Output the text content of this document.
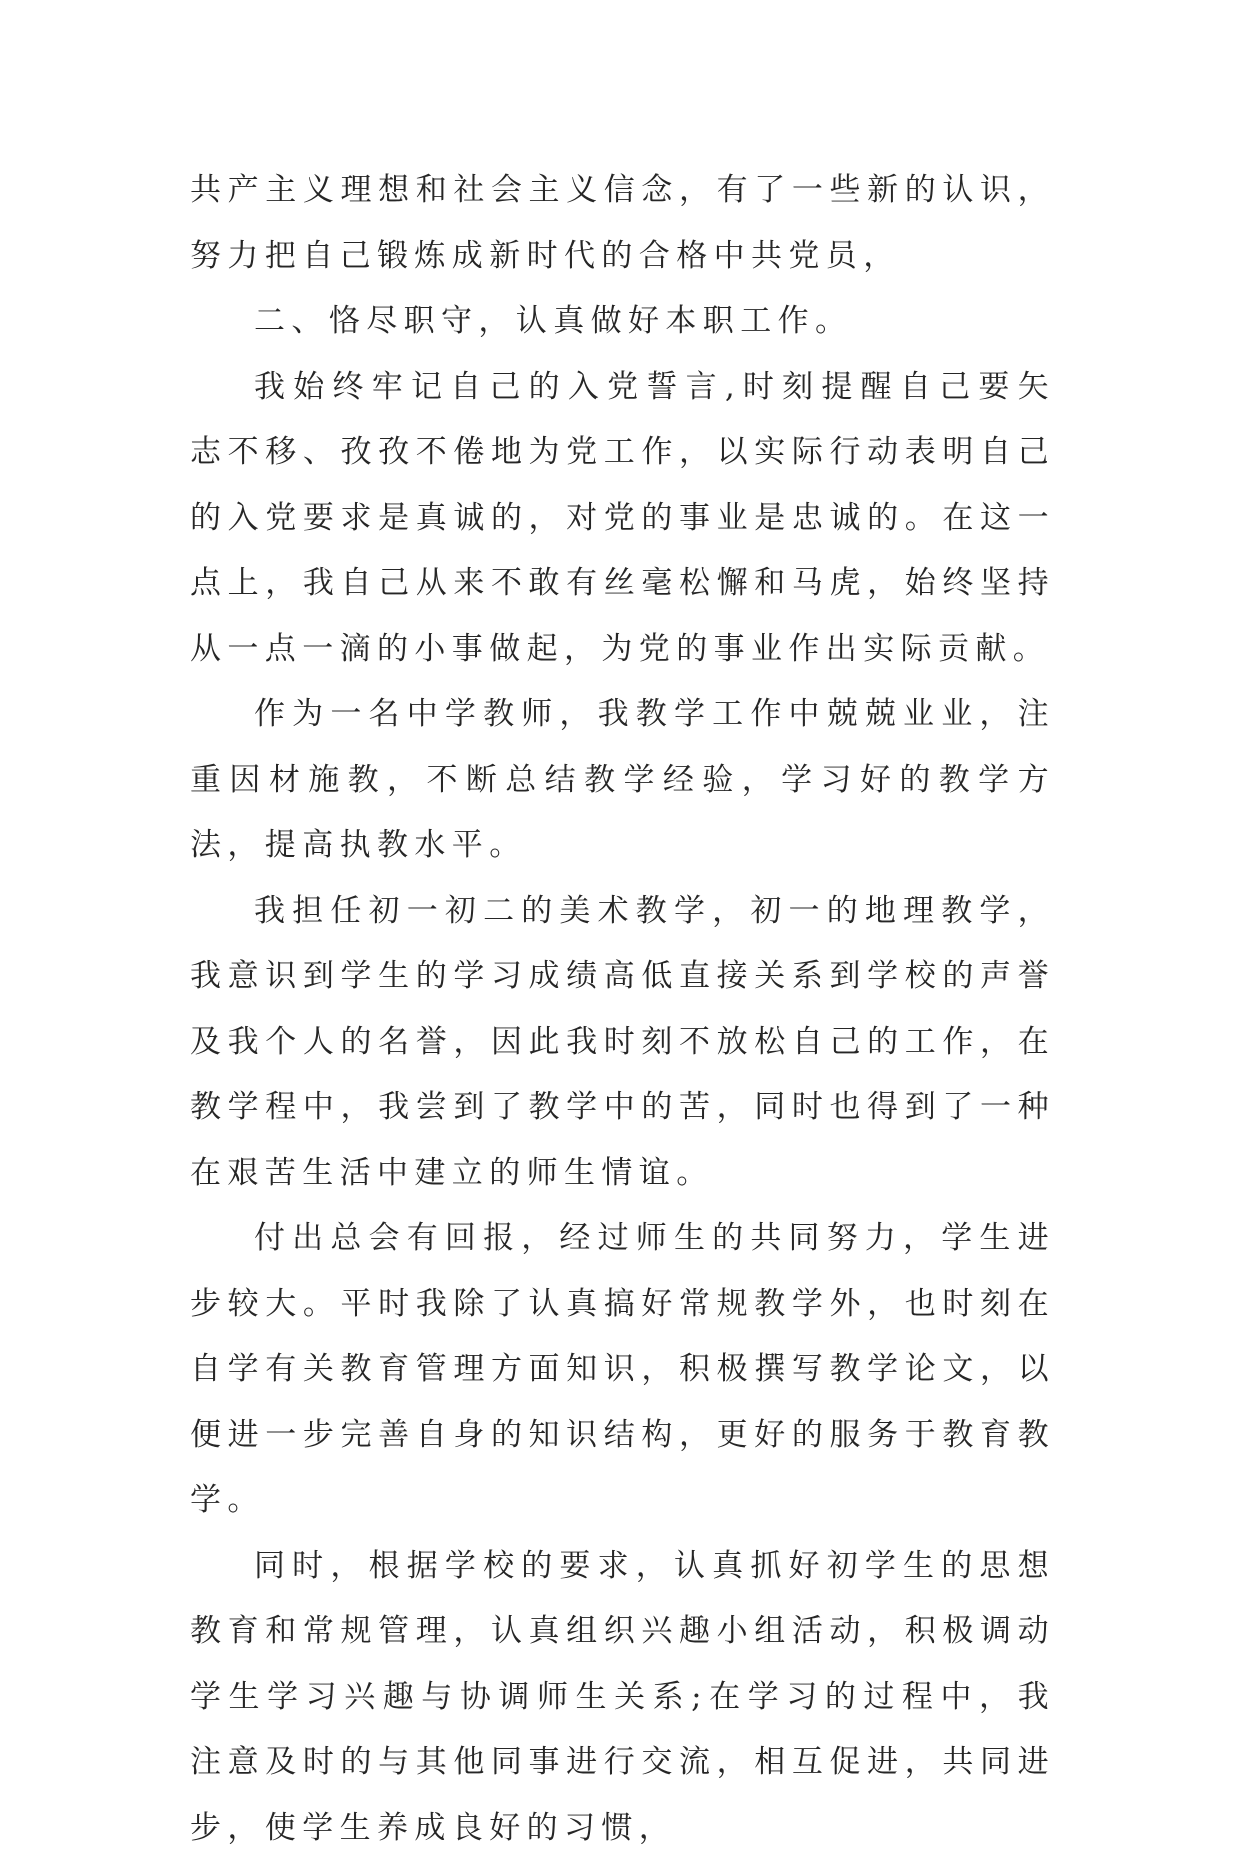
共产主义理想和社会主义信念，有了一些新的认识，努力把自己锻炼成新时代的合格中共党员，

二、恪尽职守，认真做好本职工作。

我始终牢记自己的入党誓言,时刻提醒自己要矢志不移、孜孜不倦地为党工作，以实际行动表明自己的入党要求是真诚的，对党的事业是忠诚的。在这一点上，我自己从来不敢有丝毫松懈和马虎，始终坚持从一点一滴的小事做起，为党的事业作出实际贡献。

作为一名中学教师，我教学工作中兢兢业业，注重因材施教，不断总结教学经验，学习好的教学方法，提高执教水平。

我担任初一初二的美术教学，初一的地理教学，我意识到学生的学习成绩高低直接关系到学校的声誉及我个人的名誉，因此我时刻不放松自己的工作，在教学程中，我尝到了教学中的苦，同时也得到了一种在艰苦生活中建立的师生情谊。

付出总会有回报，经过师生的共同努力，学生进步较大。平时我除了认真搞好常规教学外，也时刻在自学有关教育管理方面知识，积极撰写教学论文，以便进一步完善自身的知识结构，更好的服务于教育教学。

同时，根据学校的要求，认真抓好初学生的思想教育和常规管理，认真组织兴趣小组活动，积极调动学生学习兴趣与协调师生关系;在学习的过程中，我注意及时的与其他同事进行交流，相互促进，共同进步，使学生养成良好的习惯，
